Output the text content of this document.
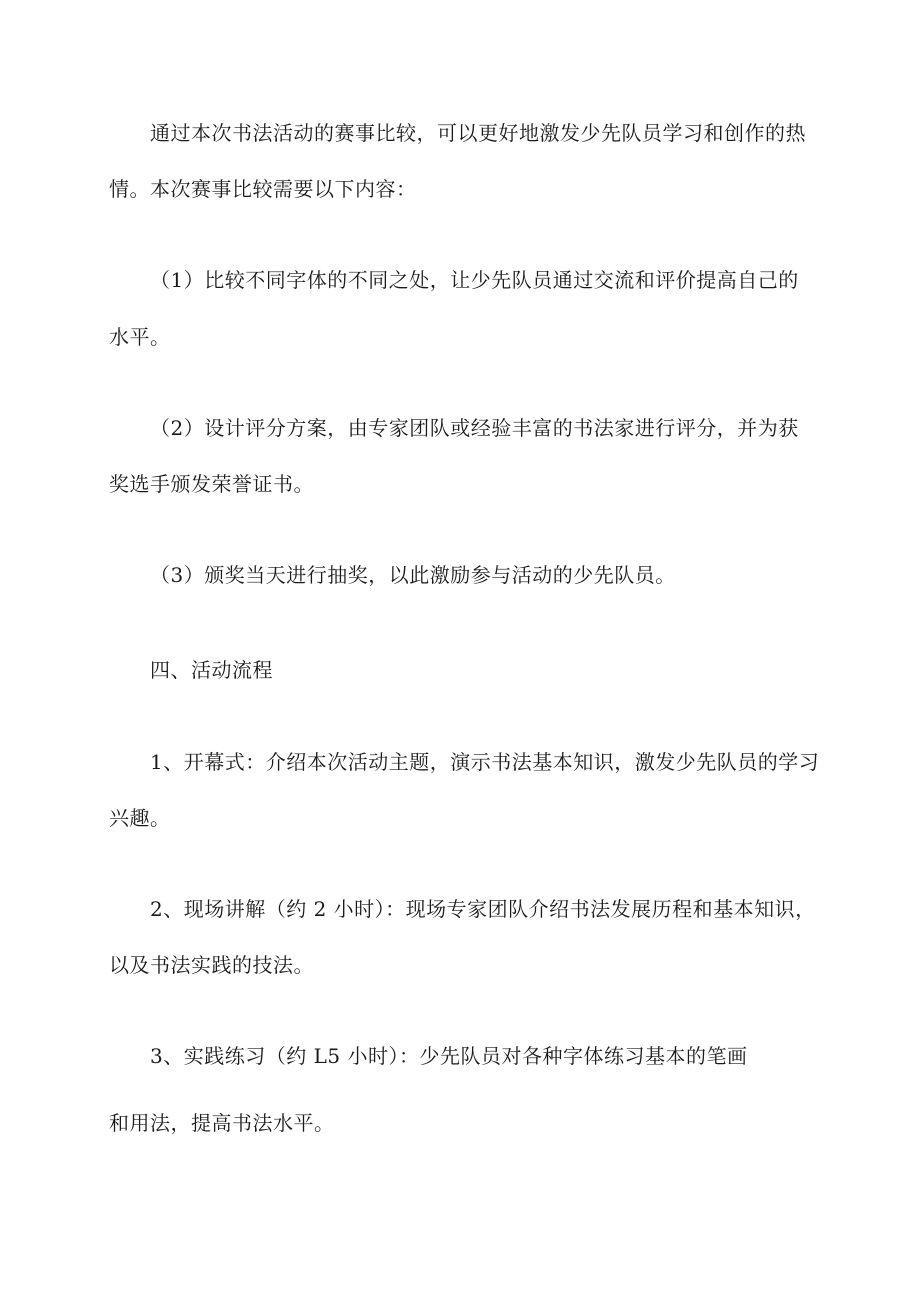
通过本次书法活动的赛事比较，可以更好地激发少先队员学习和创作的热
情。本次赛事比较需要以下内容：
（1）比较不同字体的不同之处，让少先队员通过交流和评价提高自己的
水平。
（2）设计评分方案，由专家团队或经验丰富的书法家进行评分，并为获
奖选手颁发荣誉证书。
（3）颁奖当天进行抽奖，以此激励参与活动的少先队员。
四、活动流程
1、开幕式：介绍本次活动主题，演示书法基本知识，激发少先队员的学习
兴趣。
2、现场讲解（约 2 小时）：现场专家团队介绍书法发展历程和基本知识，
以及书法实践的技法。
3、实践练习（约 L5 小时）：少先队员对各种字体练习基本的笔画
和用法，提高书法水平。
